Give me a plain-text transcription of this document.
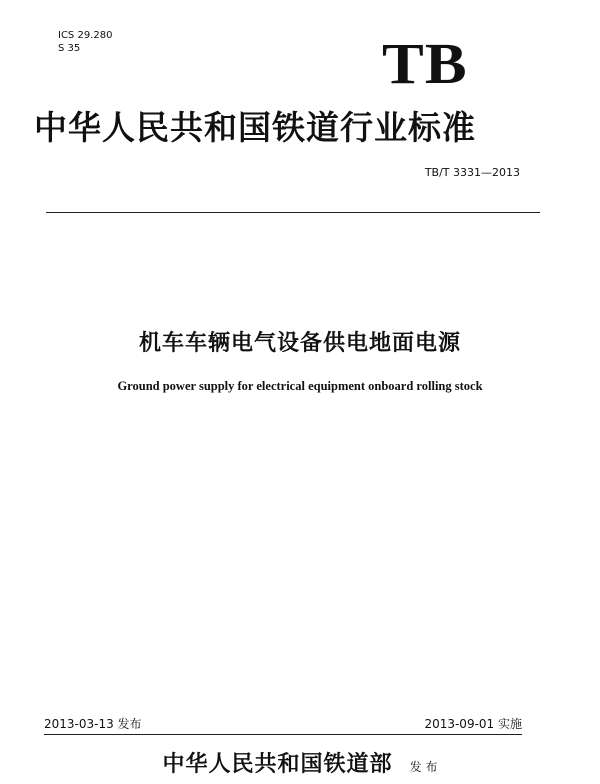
ICS 29.280
S 35	TB
中华人民共和国铁道行业标准
TB/T 3331—2013
机车车辆电气设备供电地面电源
Ground power supply for electrical equipment onboard rolling stock
2013-03-13 发布	2013-09-01 实施
中华人民共和国铁道部 发 布
